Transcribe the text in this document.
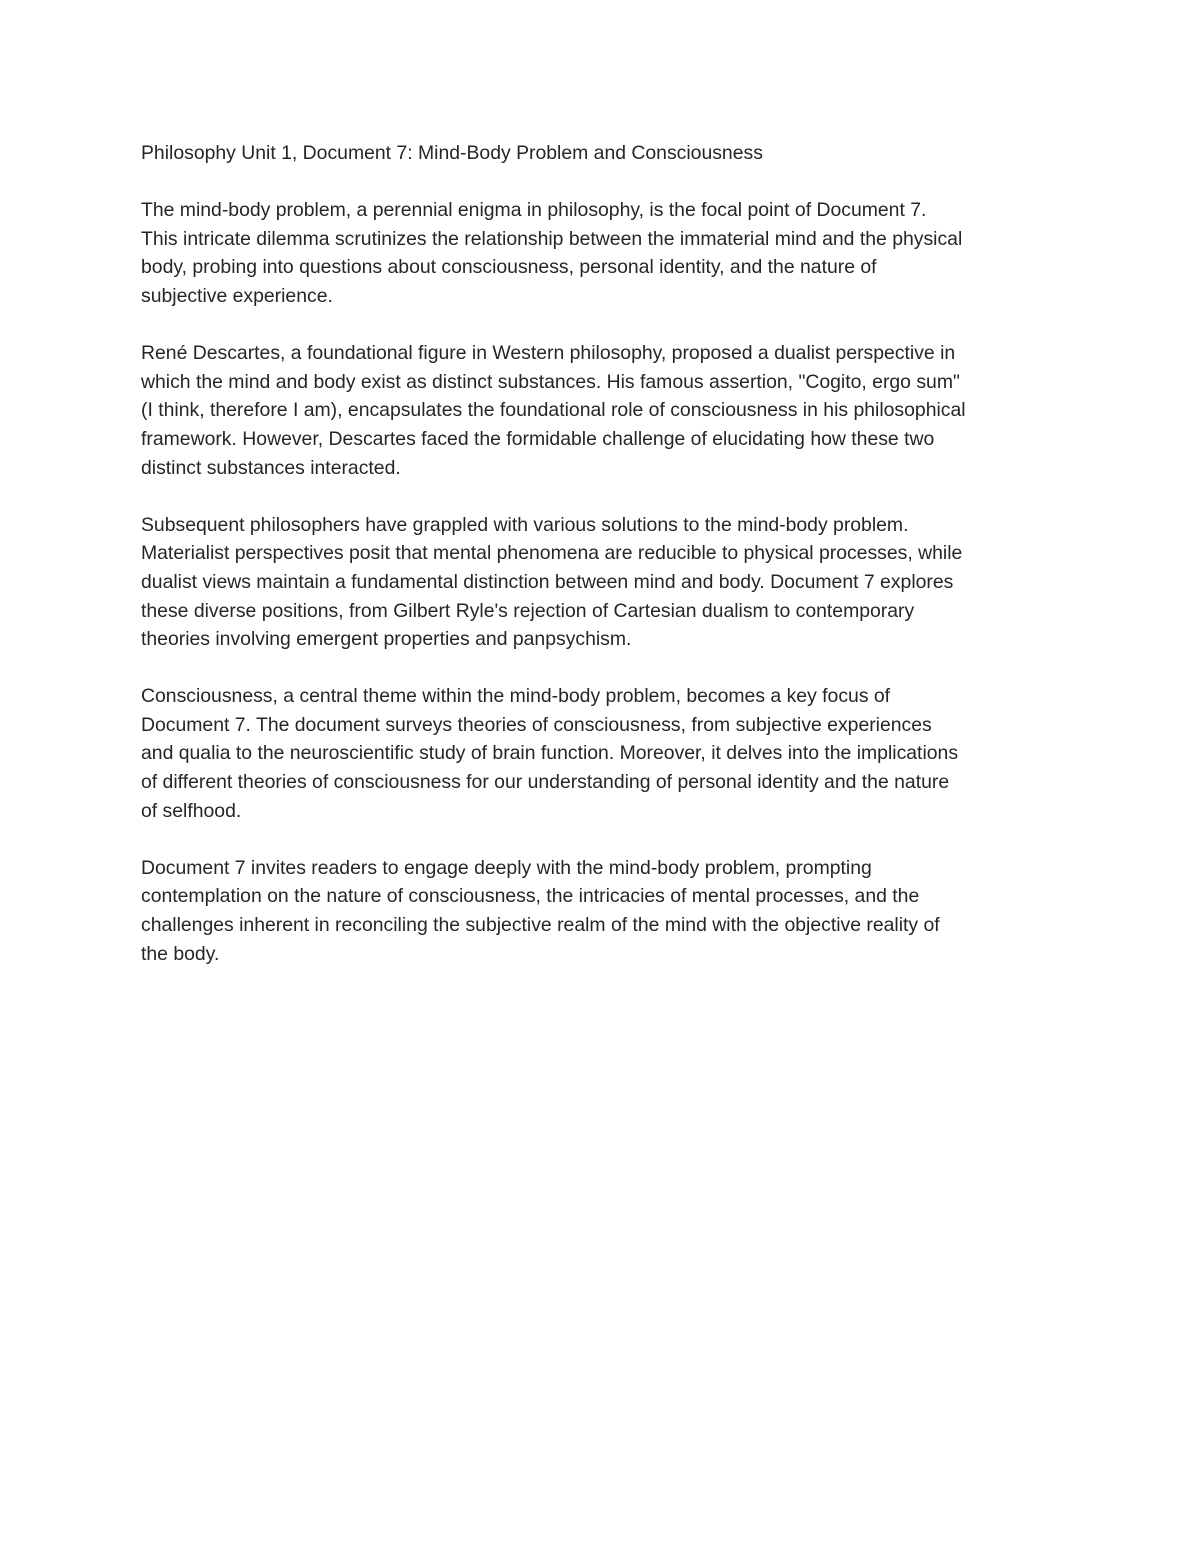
Philosophy Unit 1, Document 7: Mind-Body Problem and Consciousness

The mind-body problem, a perennial enigma in philosophy, is the focal point of Document 7.
This intricate dilemma scrutinizes the relationship between the immaterial mind and the physical
body, probing into questions about consciousness, personal identity, and the nature of
subjective experience.

René Descartes, a foundational figure in Western philosophy, proposed a dualist perspective in
which the mind and body exist as distinct substances. His famous assertion, "Cogito, ergo sum"
(I think, therefore I am), encapsulates the foundational role of consciousness in his philosophical
framework. However, Descartes faced the formidable challenge of elucidating how these two
distinct substances interacted.

Subsequent philosophers have grappled with various solutions to the mind-body problem.
Materialist perspectives posit that mental phenomena are reducible to physical processes, while
dualist views maintain a fundamental distinction between mind and body. Document 7 explores
these diverse positions, from Gilbert Ryle's rejection of Cartesian dualism to contemporary
theories involving emergent properties and panpsychism.

Consciousness, a central theme within the mind-body problem, becomes a key focus of
Document 7. The document surveys theories of consciousness, from subjective experiences
and qualia to the neuroscientific study of brain function. Moreover, it delves into the implications
of different theories of consciousness for our understanding of personal identity and the nature
of selfhood.

Document 7 invites readers to engage deeply with the mind-body problem, prompting
contemplation on the nature of consciousness, the intricacies of mental processes, and the
challenges inherent in reconciling the subjective realm of the mind with the objective reality of
the body.
